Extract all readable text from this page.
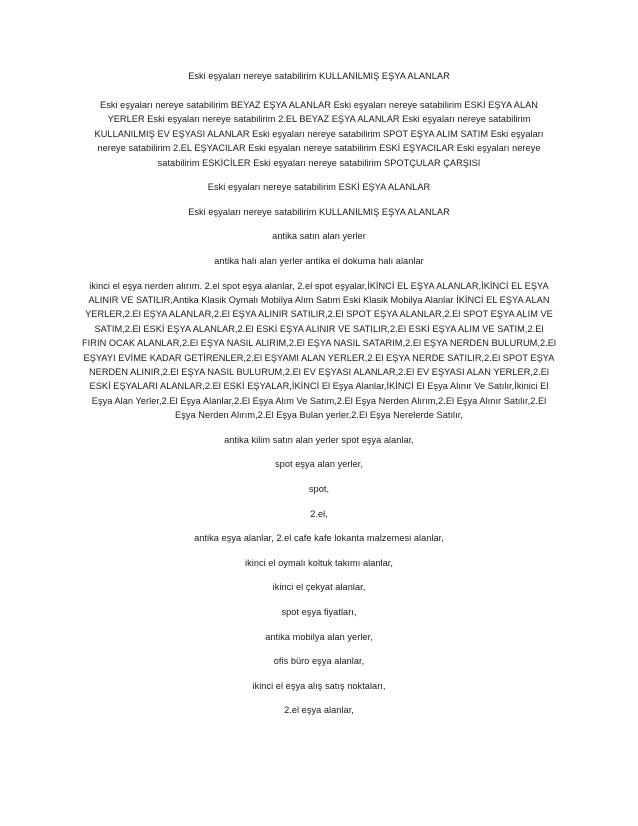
Eski eşyaları nereye satabilirim KULLANILMIŞ EŞYA ALANLAR

Eski eşyaları nereye satabilirim BEYAZ EŞYA ALANLAR Eski eşyaları nereye satabilirim ESKİ EŞYA ALAN YERLER Eski eşyaları nereye satabilirim 2.EL BEYAZ EŞYA ALANLAR Eski eşyaları nereye satabilirim KULLANILMIŞ EV EŞYASI ALANLAR Eski eşyaları nereye satabilirim SPOT EŞYA ALIM SATIM Eski eşyaları nereye satabilirim 2.EL EŞYACILAR Eski eşyaları nereye satabilirim ESKİ EŞYACILAR Eski eşyaları nereye satabilirim ESKİCİLER Eski eşyaları nereye satabilirim SPOTÇULAR ÇARŞISI

Eski eşyaları nereye satabilirim ESKİ EŞYA ALANLAR

Eski eşyaları nereye satabilirim KULLANILMIŞ EŞYA ALANLAR

antika satın alan yerler

antika halı alan yerler antika el dokuma halı alanlar

ikinci el eşya nerden alırım. 2.el spot eşya alanlar, 2.el spot eşyalar,İKİNCİ EL EŞYA ALANLAR,İKİNCİ EL EŞYA ALINIR VE SATILIR,Antika Klasik Oymalı Mobilya Alım Satım Eski Klasik Mobilya Alanlar İKİNCİ EL EŞYA ALAN YERLER,2.El EŞYA ALANLAR,2.El EŞYA ALINIR SATILIR,2.El SPOT EŞYA ALANLAR,2.El SPOT EŞYA ALIM VE SATIM,2.El ESKİ EŞYA ALANLAR,2.El ESKİ EŞYA ALINIR VE SATILIR,2.El ESKİ EŞYA ALIM VE SATIM,2.El FIRIN OCAK ALANLAR,2.El EŞYA NASIL ALIRIM,2.El EŞYA NASIL SATARIM,2.El EŞYA NERDEN BULURUM,2.El EŞYAYI EVİME KADAR GETİRENLER,2.El EŞYAMI ALAN YERLER,2.El EŞYA NERDE SATILIR,2.El SPOT EŞYA NERDEN ALINIR,2.El EŞYA NASIL BULURUM,2.El EV EŞYASI ALANLAR,2.El EV EŞYASI ALAN YERLER,2.El ESKİ EŞYALARI ALANLAR,2.El ESKİ EŞYALAR,İKİNCİ El Eşya Alanlar,İKİNCİ El Eşya Alınır Ve Satılır,İkinici El Eşya Alan Yerler,2.El Eşya Alanlar,2.El Eşya Alım Ve Satım,2.El Eşya Nerden Alırım,2.El Eşya Alınır Satılır,2.El Eşya Nerden Alırım,2.El Eşya Bulan yerler,2.El Eşya Nerelerde Satılır,

antika kilim satın alan yerler spot eşya alanlar,

spot eşya alan yerler,

spot,

2.el,

antika eşya alanlar, 2.el cafe kafe lokanta malzemesi alanlar,

ikinci el oymalı koltuk takımı alanlar,

ikinci el çekyat alanlar,

spot eşya fiyatları,

antika mobilya alan yerler,

ofis büro eşya alanlar,

ikinci el eşya alış satış noktaları,

2.el eşya alanlar,
